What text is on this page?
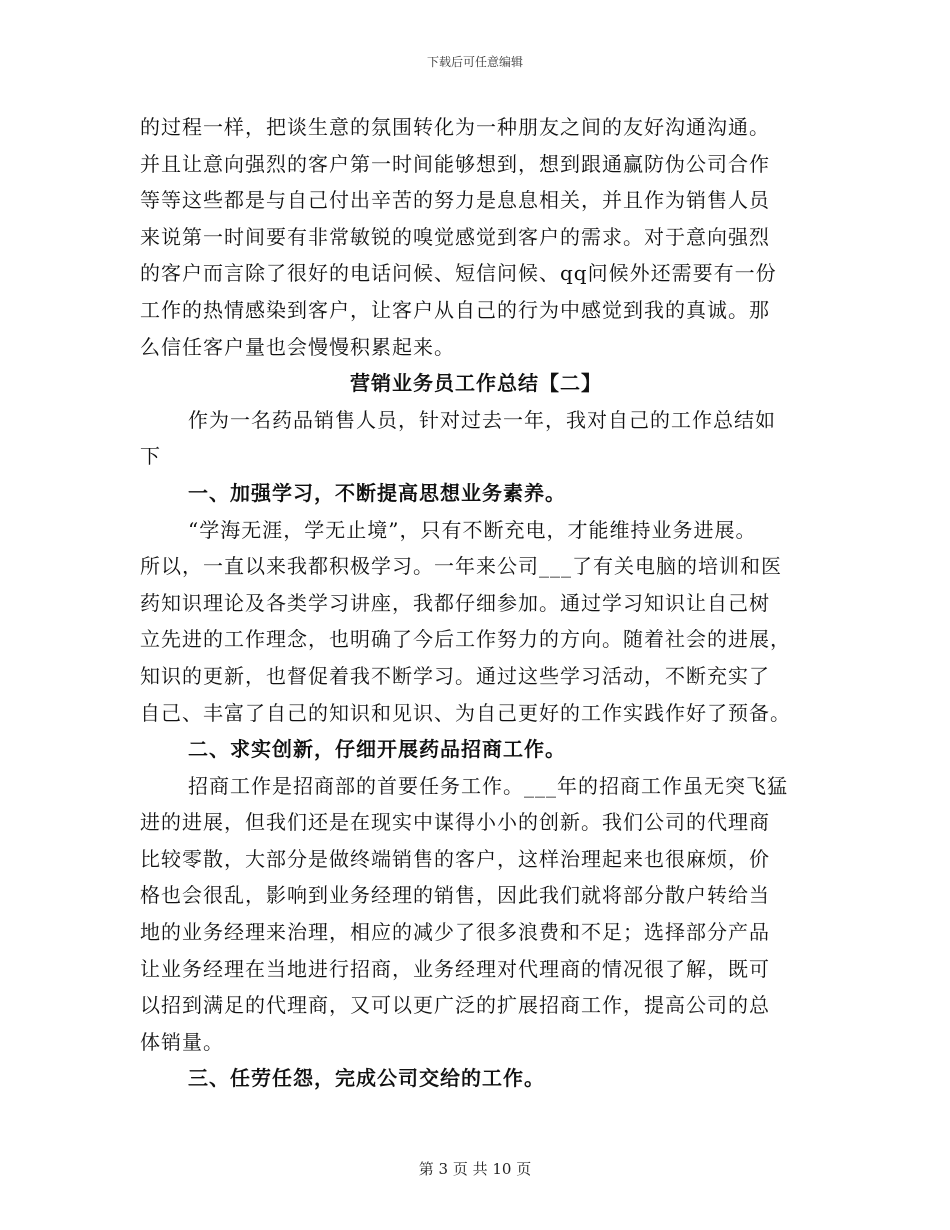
下载后可任意编辑
的过程一样，把谈生意的氛围转化为一种朋友之间的友好沟通沟通。
并且让意向强烈的客户第一时间能够想到，想到跟通赢防伪公司合作
等等这些都是与自己付出辛苦的努力是息息相关，并且作为销售人员
来说第一时间要有非常敏锐的嗅觉感觉到客户的需求。对于意向强烈
的客户而言除了很好的电话问候、短信问候、qq问候外还需要有一份
工作的热情感染到客户，让客户从自己的行为中感觉到我的真诚。那
么信任客户量也会慢慢积累起来。
营销业务员工作总结【二】
作为一名药品销售人员，针对过去一年，我对自己的工作总结如
下
一、加强学习，不断提高思想业务素养。
“学海无涯，学无止境”，只有不断充电，才能维持业务进展。
所以，一直以来我都积极学习。一年来公司___了有关电脑的培训和医
药知识理论及各类学习讲座，我都仔细参加。通过学习知识让自己树
立先进的工作理念，也明确了今后工作努力的方向。随着社会的进展，
知识的更新，也督促着我不断学习。通过这些学习活动，不断充实了
自己、丰富了自己的知识和见识、为自己更好的工作实践作好了预备。
二、求实创新，仔细开展药品招商工作。
招商工作是招商部的首要任务工作。___年的招商工作虽无突飞猛
进的进展，但我们还是在现实中谋得小小的创新。我们公司的代理商
比较零散，大部分是做终端销售的客户，这样治理起来也很麻烦，价
格也会很乱，影响到业务经理的销售，因此我们就将部分散户转给当
地的业务经理来治理，相应的减少了很多浪费和不足；选择部分产品
让业务经理在当地进行招商，业务经理对代理商的情况很了解，既可
以招到满足的代理商，又可以更广泛的扩展招商工作，提高公司的总
体销量。
三、任劳任怨，完成公司交给的工作。
第 3 页 共 10 页
